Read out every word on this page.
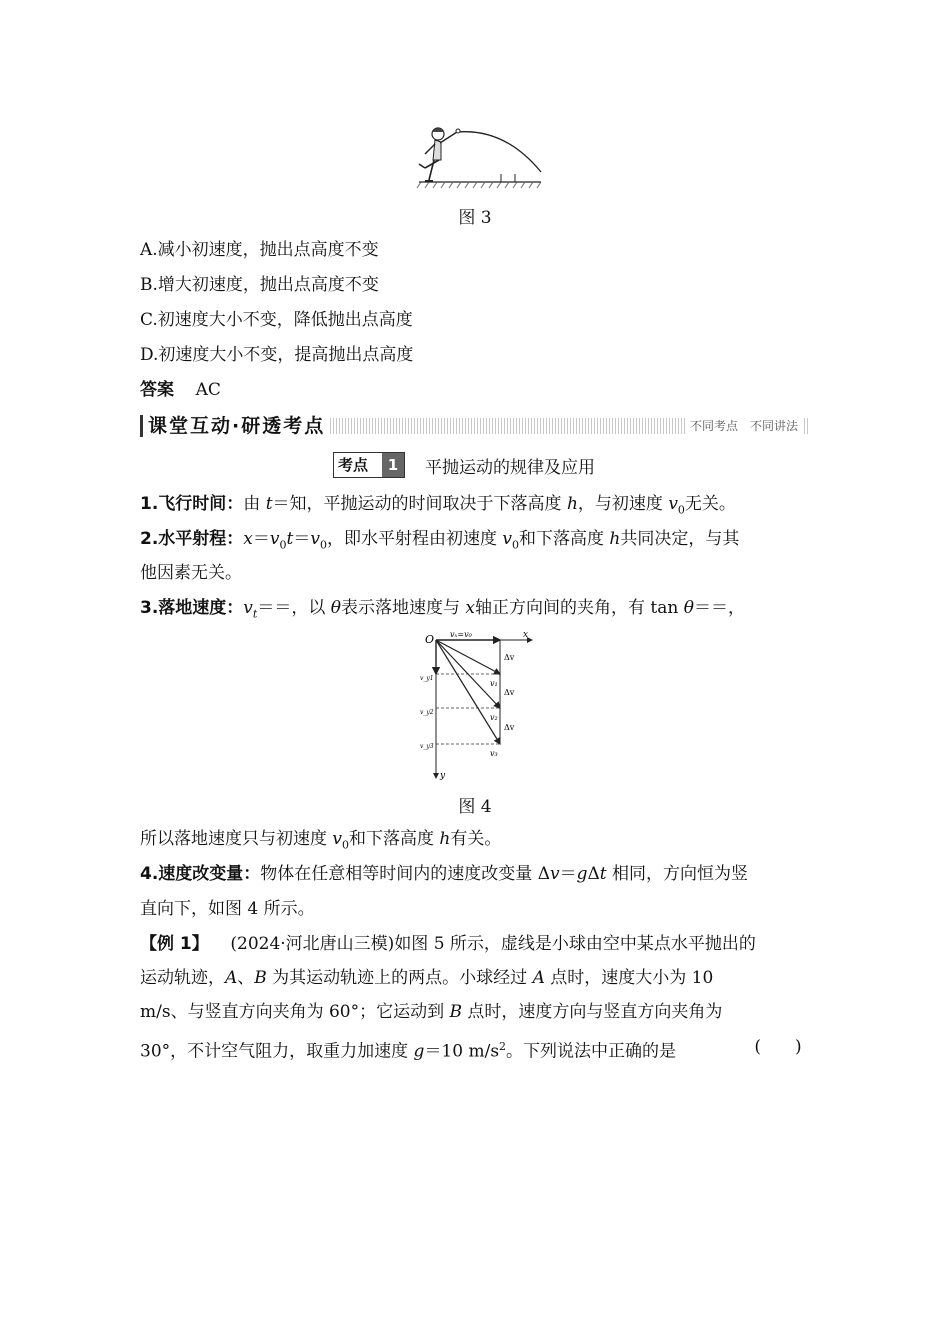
图 3
A.减小初速度，抛出点高度不变
B.增大初速度，抛出点高度不变
C.初速度大小不变，降低抛出点高度
D.初速度大小不变，提高抛出点高度
答案 AC
课堂互动·研透考点	不同考点　不同讲法
考点	1	平抛运动的规律及应用
1.飞行时间：由 t＝知，平抛运动的时间取决于下落高度 h，与初速度 $v_0$无关。
2.水平射程：$x=v_0t=v_0$，即水平射程由初速度 $v_0$和下落高度 h共同决定，与其
他因素无关。
3.落地速度：$v_t==$，以 θ表示落地速度与 x轴正方向间的夹角，有 tan θ＝＝，
O vₓ=v₀	x
y
Δv
Δv
Δv
v₁
v₂
v₃
v_y1
v_y2
v_y3
图 4
所以落地速度只与初速度 $v_0$和下落高度 h有关。
4.速度改变量：物体在任意相等时间内的速度改变量 Δv＝gΔt 相同，方向恒为竖
直向下，如图 4 所示。
【例 1】 (2024·河北唐山三模)如图 5 所示，虚线是小球由空中某点水平抛出的
运动轨迹，A、B 为其运动轨迹上的两点。小球经过 A 点时，速度大小为 10
m/s、与竖直方向夹角为 60°；它运动到 B 点时，速度方向与竖直方向夹角为
30°，不计空气阻力，取重力加速度 g＝10 $m/s^2$。下列说法中正确的是	(　　)
